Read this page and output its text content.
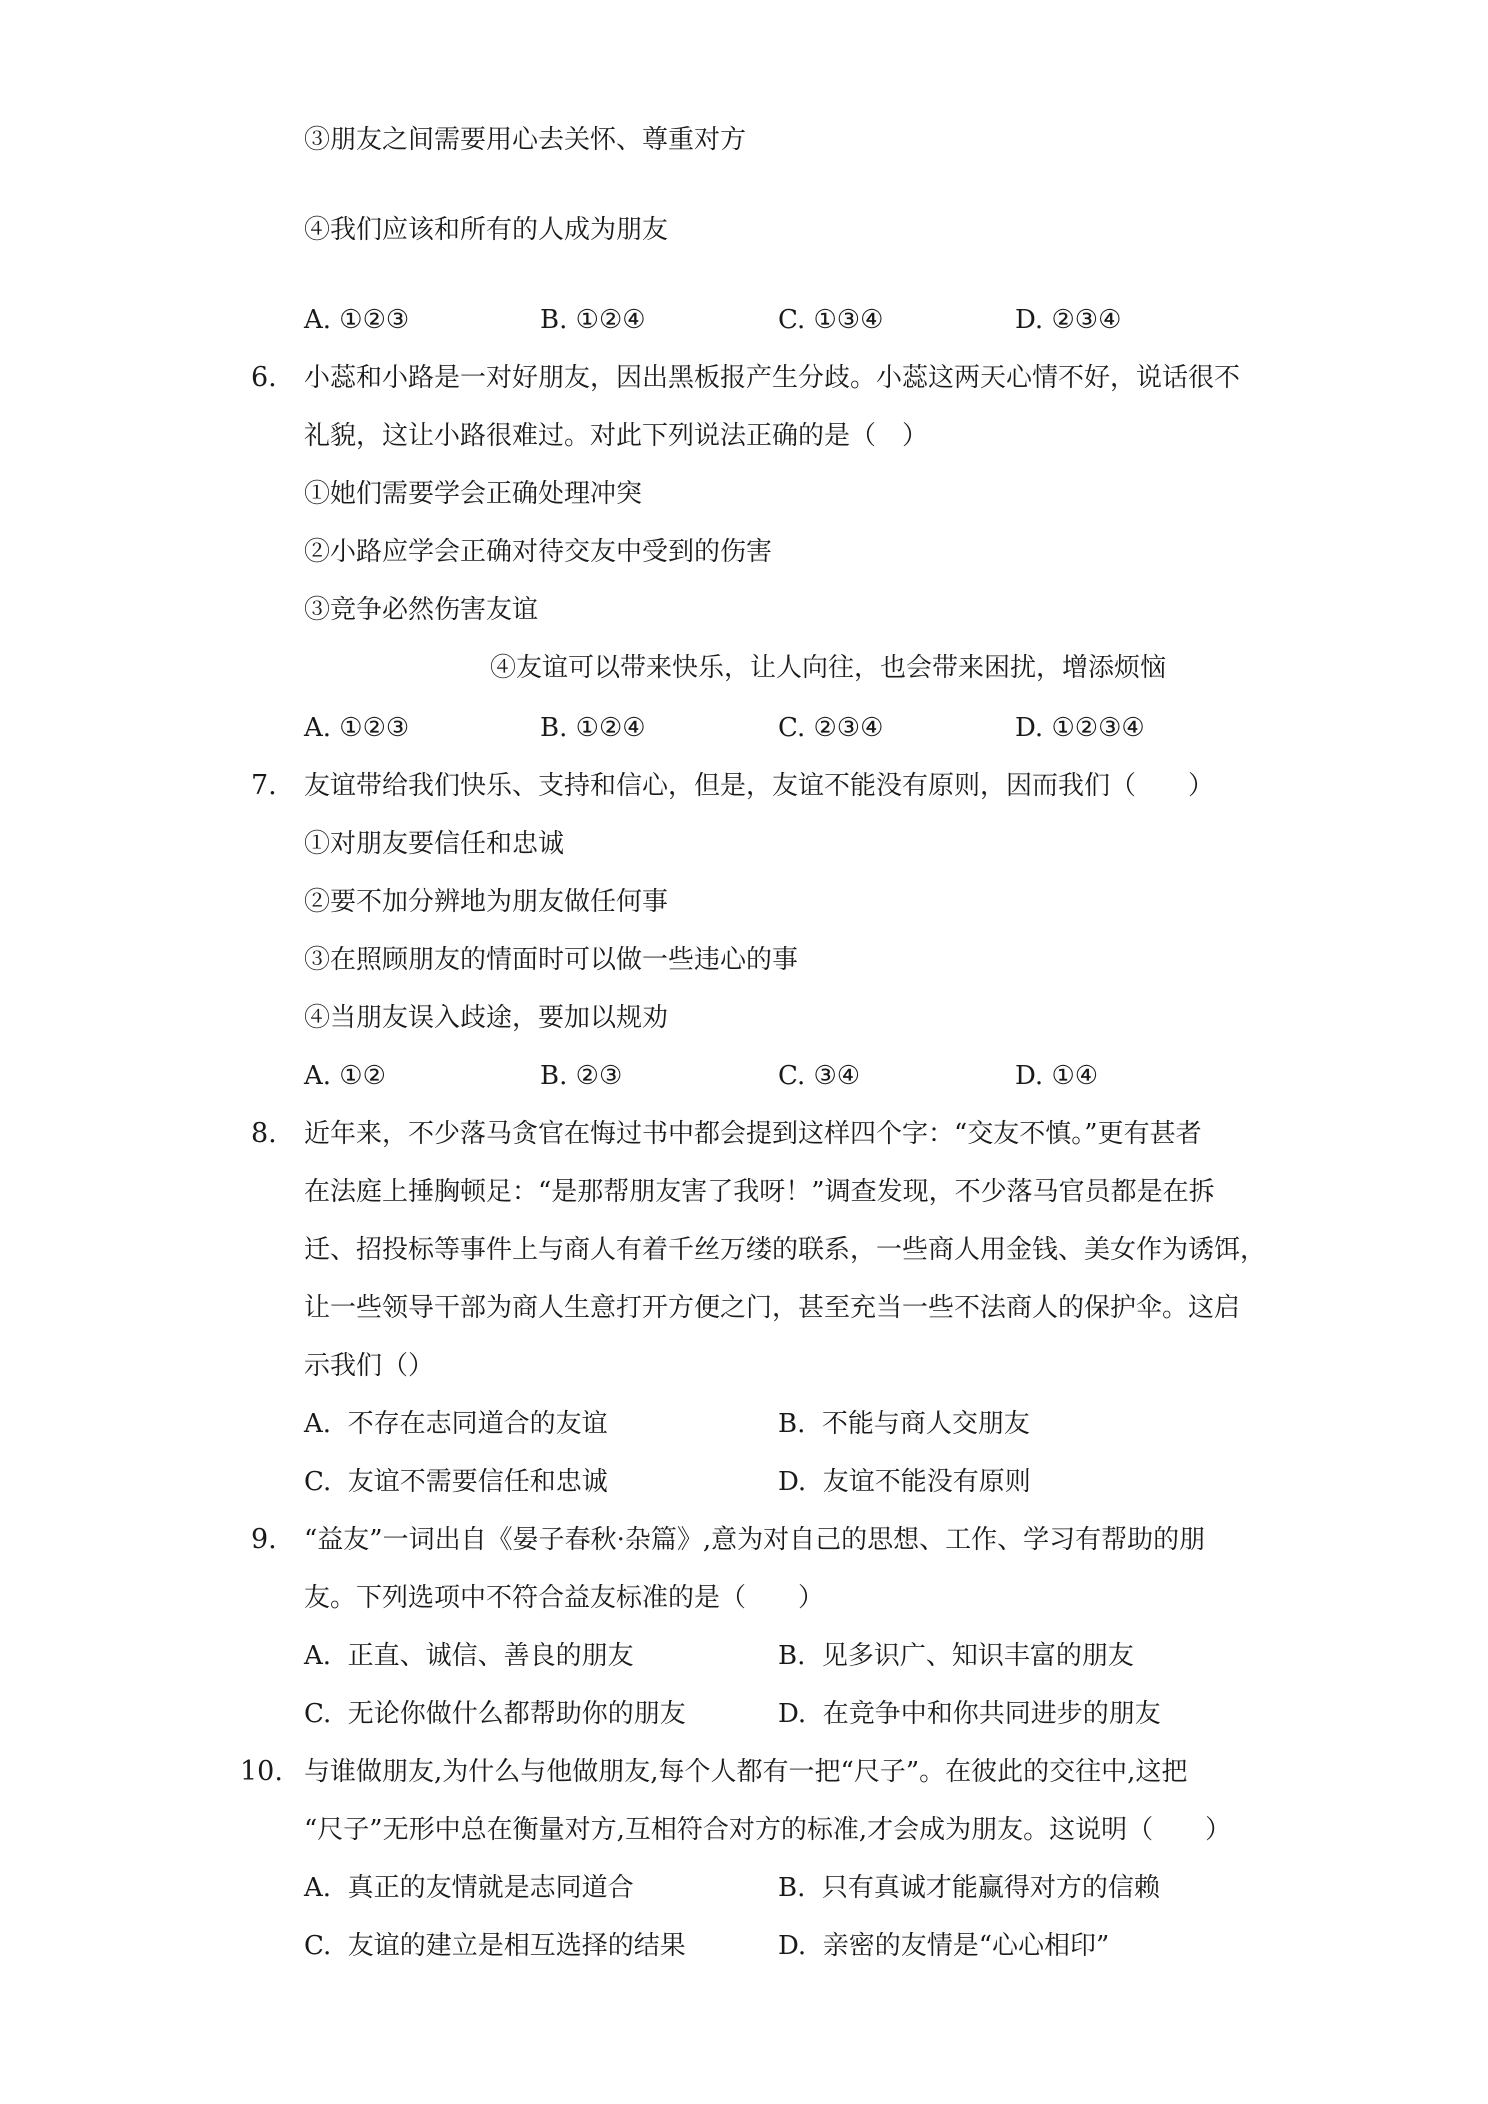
③朋友之间需要用心去关怀、尊重对方
④我们应该和所有的人成为朋友
A. ①②③	B. ①②④	C. ①③④	D. ②③④
6. 小蕊和小路是一对好朋友，因出黑板报产生分歧。小蕊这两天心情不好，说话很不
礼貌，这让小路很难过。对此下列说法正确的是（　）
①她们需要学会正确处理冲突
②小路应学会正确对待交友中受到的伤害
③竞争必然伤害友谊
④友谊可以带来快乐，让人向往，也会带来困扰，增添烦恼
A. ①②③	B. ①②④	C. ②③④	D. ①②③④
7. 友谊带给我们快乐、支持和信心，但是，友谊不能没有原则，因而我们（　　）
①对朋友要信任和忠诚
②要不加分辨地为朋友做任何事
③在照顾朋友的情面时可以做一些违心的事
④当朋友误入歧途，要加以规劝
A. ①②	B. ②③	C. ③④	D. ①④
8. 近年来，不少落马贪官在悔过书中都会提到这样四个字：“交友不慎。”更有甚者
在法庭上捶胸顿足：“是那帮朋友害了我呀！”调查发现，不少落马官员都是在拆
迁、招投标等事件上与商人有着千丝万缕的联系，一些商人用金钱、美女作为诱饵，
让一些领导干部为商人生意打开方便之门，甚至充当一些不法商人的保护伞。这启
示我们（）
A. 不存在志同道合的友谊	B. 不能与商人交朋友
C. 友谊不需要信任和忠诚	D. 友谊不能没有原则
9. “益友”一词出自《晏子春秋·杂篇》,意为对自己的思想、工作、学习有帮助的朋
友。下列选项中不符合益友标准的是（　　）
A. 正直、诚信、善良的朋友	B. 见多识广、知识丰富的朋友
C. 无论你做什么都帮助你的朋友	D. 在竞争中和你共同进步的朋友
10. 与谁做朋友,为什么与他做朋友,每个人都有一把“尺子”。在彼此的交往中,这把
“尺子”无形中总在衡量对方,互相符合对方的标准,才会成为朋友。这说明（　　）
A. 真正的友情就是志同道合	B. 只有真诚才能赢得对方的信赖
C. 友谊的建立是相互选择的结果	D. 亲密的友情是“心心相印”
